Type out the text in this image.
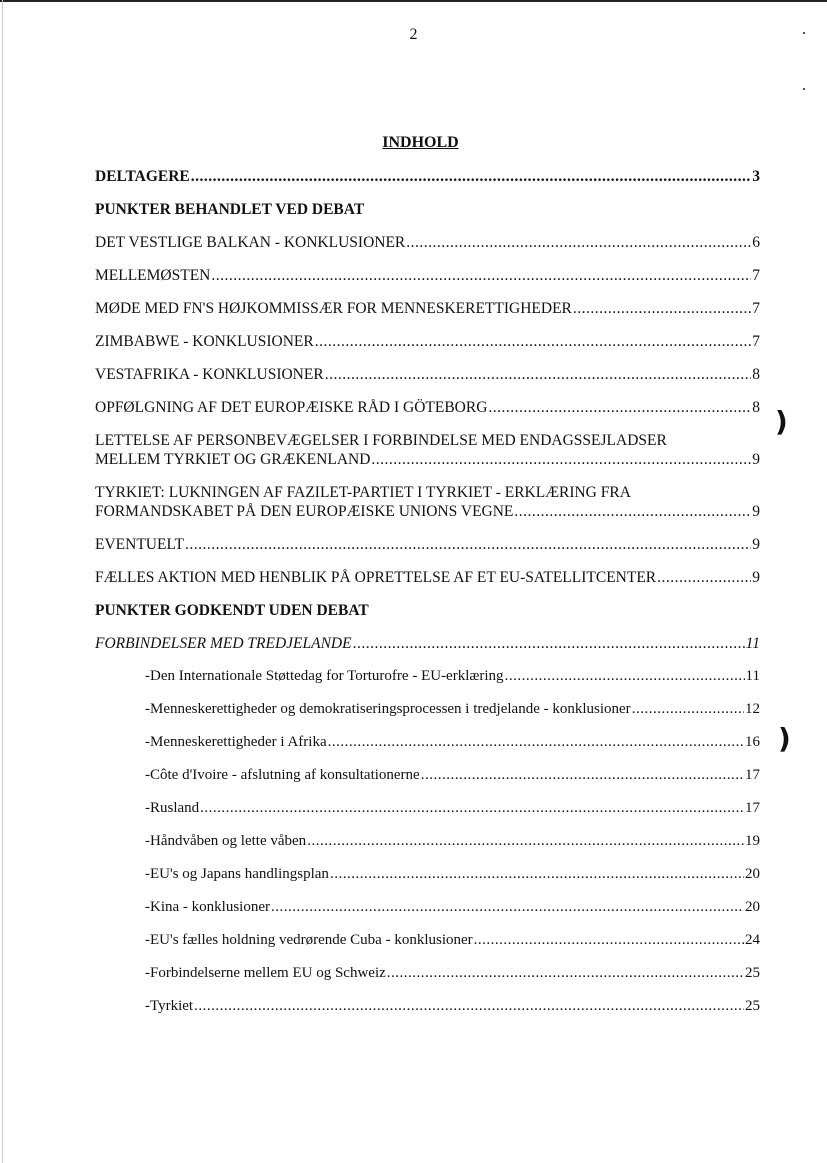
2
INDHOLD
DELTAGERE .....	3
PUNKTER BEHANDLET VED DEBAT
DET VESTLIGE BALKAN - KONKLUSIONER .....	6
MELLEMØSTEN .....	7
MØDE MED FN'S HØJKOMMISSÆR FOR MENNESKERETTIGHEDER .....	7
ZIMBABWE - KONKLUSIONER .....	7
VESTAFRIKA - KONKLUSIONER .....	8
OPFØLGNING AF DET EUROPÆISKE RÅD I GÖTEBORG .....	8
LETTELSE AF PERSONBEVÆGELSER I FORBINDELSE MED ENDAGSSEJLADSER
MELLEM TYRKIET OG GRÆKENLAND .....	9
TYRKIET: LUKNINGEN AF FAZILET-PARTIET I TYRKIET - ERKLÆRING FRA
FORMANDSKABET PÅ DEN EUROPÆISKE UNIONS VEGNE .....	9
EVENTUELT .....	9
FÆLLES AKTION MED HENBLIK PÅ OPRETTELSE AF ET EU-SATELLITCENTER .....	9
PUNKTER GODKENDT UDEN DEBAT
FORBINDELSER MED TREDJELANDE .....	11
-Den Internationale Støttedag for Torturofre - EU-erklæring .....	11
-Menneskerettigheder og demokratiseringsprocessen i tredjelande - konklusioner .....	12
-Menneskerettigheder i Afrika .....	16
-Côte d'Ivoire - afslutning af konsultationerne .....	17
-Rusland .....	17
-Håndvåben og lette våben .....	19
-EU's og Japans handlingsplan .....	20
-Kina - konklusioner .....	20
-EU's fælles holdning vedrørende Cuba - konklusioner .....	24
-Forbindelserne mellem EU og Schweiz .....	25
-Tyrkiet .....	25
)
)
